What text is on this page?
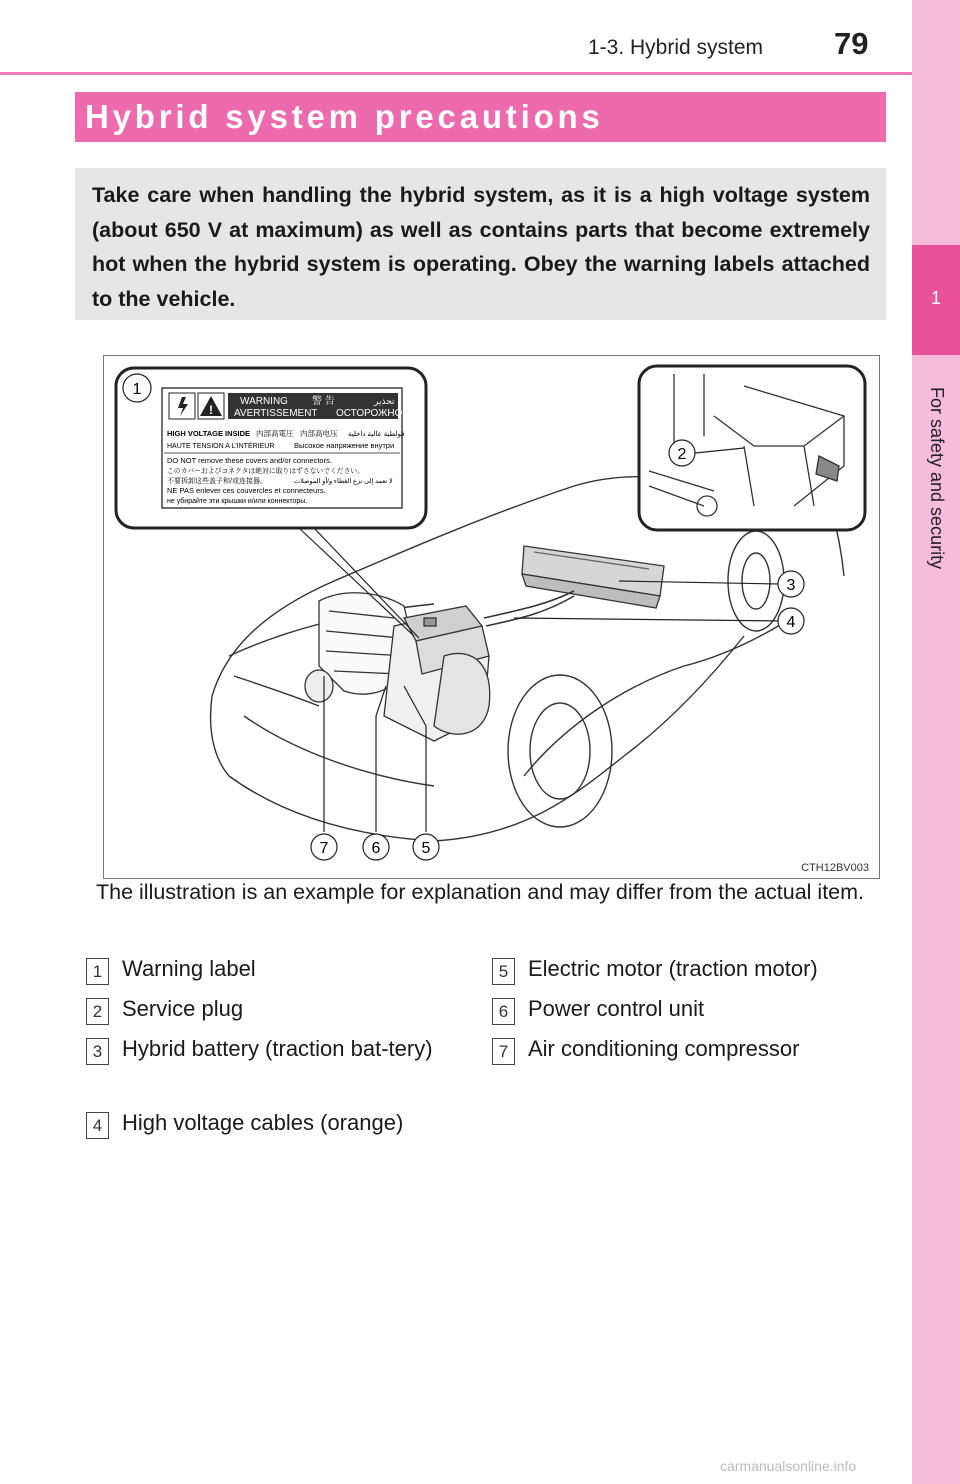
1-3. Hybrid system 79
1
For safety and security
Hybrid system precautions

Take care when handling the hybrid system, as it is a high voltage system (about 650 V at maximum) as well as contains parts that become extremely hot when the hybrid system is operating. Obey the warning labels attached to the vehicle.

1
!
WARNING 警 告	تحذير
AVERTISSEMENT ОСТОРОЖНО
HIGH VOLTAGE INSIDE 内部高電圧 内部高电压 فولطية عالية داخلية
HAUTE TENSION A L'INTÉRIEUR	Высокое напряжение внутри
DO NOT remove these covers and/or connectors.
このカバーおよびコネクタは絶対に取りはずさないでください。
不要拆卸这些盖子和/或连接器。	لا تعمد إلى نزع الغطاء و/أو الموصلات
NE PAS enlever ces couvercles et connecteurs.
не убирайте эти крышки и/или коннекторы.
2
3
4
7	6	5
CTH12BV003

The illustration is an example for explanation and may differ from the actual item.

1 Warning label
2 Service plug
3 Hybrid battery (traction bat-tery)
4 High voltage cables (orange)
5 Electric motor (traction motor)
6 Power control unit
7 Air conditioning compressor
carmanualsonline.info
